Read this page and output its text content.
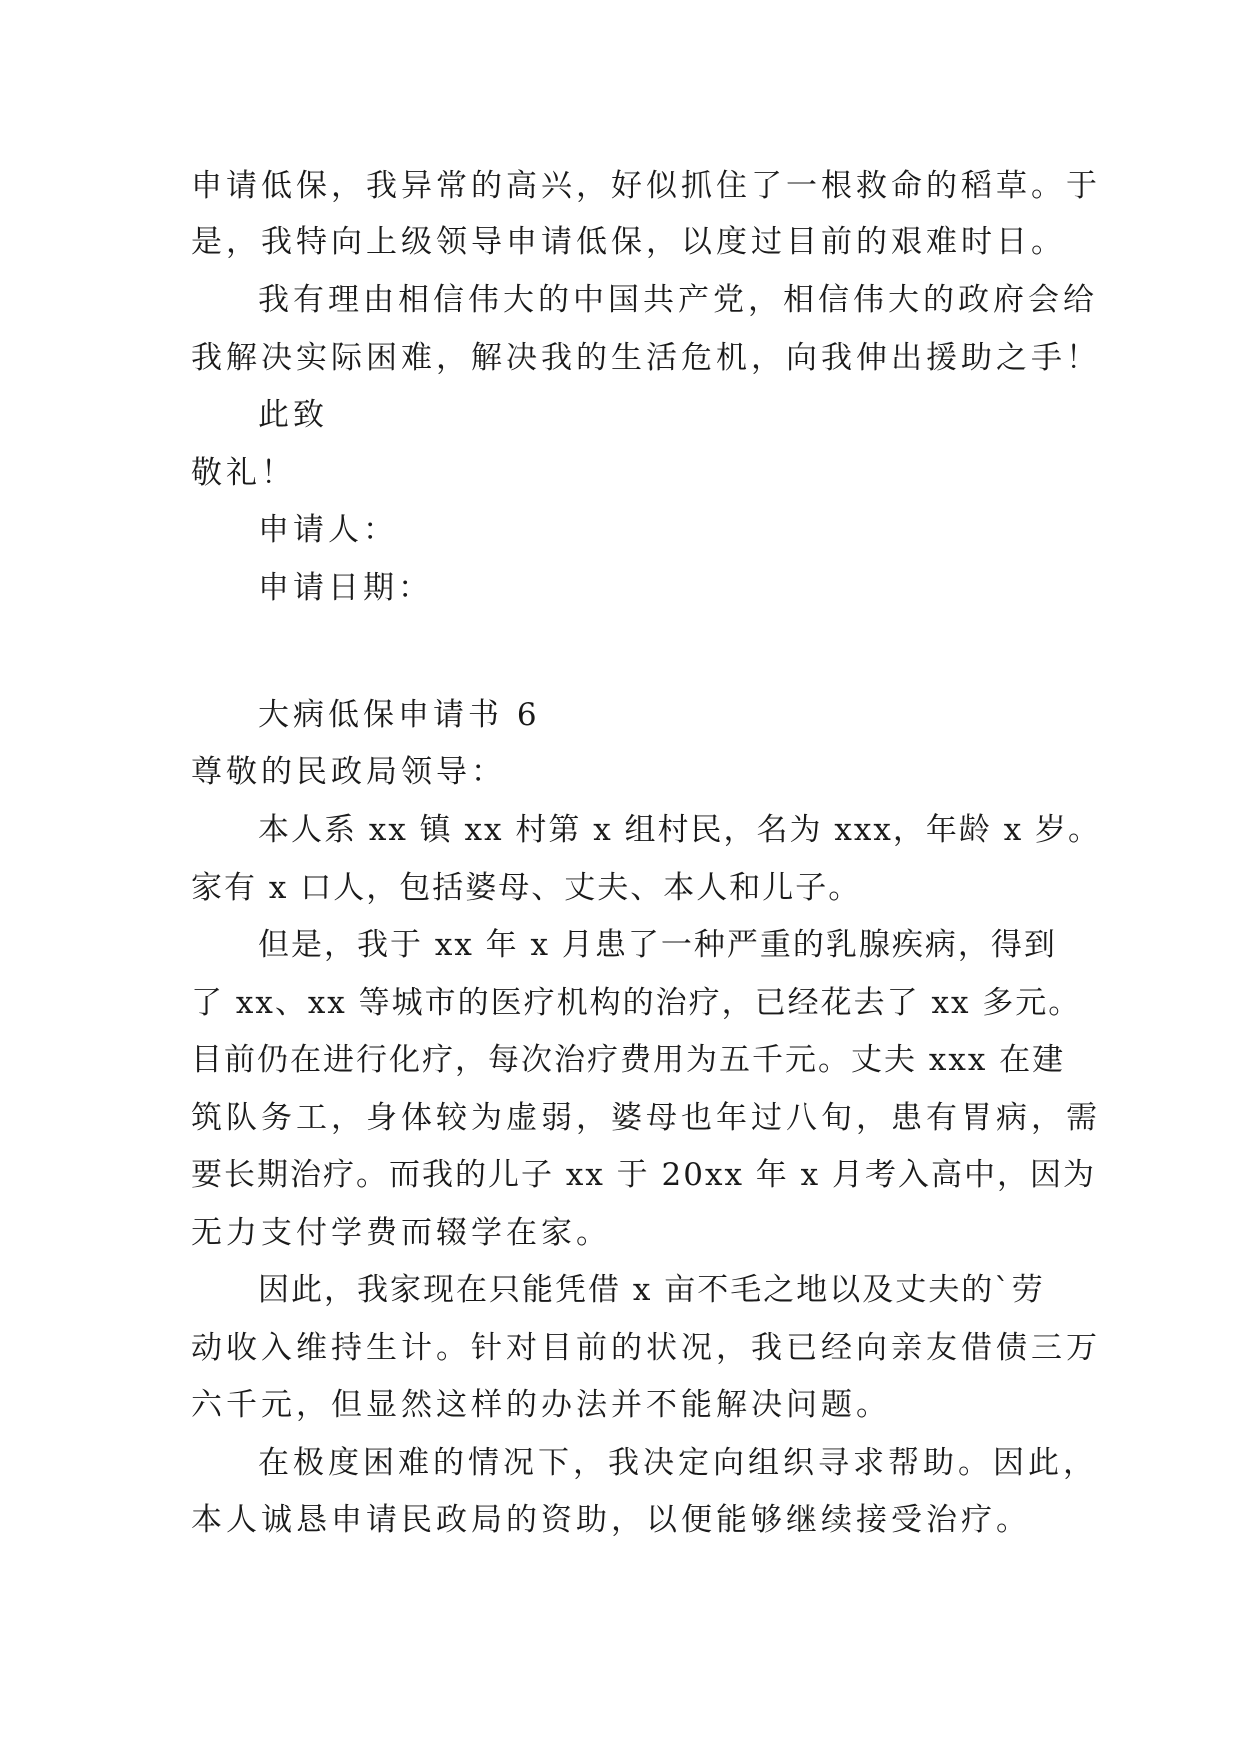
申请低保，我异常的高兴，好似抓住了一根救命的稻草。于
是，我特向上级领导申请低保，以度过目前的艰难时日。
我有理由相信伟大的中国共产党，相信伟大的政府会给
我解决实际困难，解决我的生活危机，向我伸出援助之手！
此致
敬礼！
申请人：
申请日期：
大病低保申请书 6
尊敬的民政局领导：
本人系 xx 镇 xx 村第 x 组村民，名为 xxx，年龄 x 岁。
家有 x 口人，包括婆母、丈夫、本人和儿子。
但是，我于 xx 年 x 月患了一种严重的乳腺疾病，得到
了 xx、xx 等城市的医疗机构的治疗，已经花去了 xx 多元。
目前仍在进行化疗，每次治疗费用为五千元。丈夫 xxx 在建
筑队务工，身体较为虚弱，婆母也年过八旬，患有胃病，需
要长期治疗。而我的儿子 xx 于 20xx 年 x 月考入高中，因为
无力支付学费而辍学在家。
因此，我家现在只能凭借 x 亩不毛之地以及丈夫的`劳
动收入维持生计。针对目前的状况，我已经向亲友借债三万
六千元，但显然这样的办法并不能解决问题。
在极度困难的情况下，我决定向组织寻求帮助。因此，
本人诚恳申请民政局的资助，以便能够继续接受治疗。
